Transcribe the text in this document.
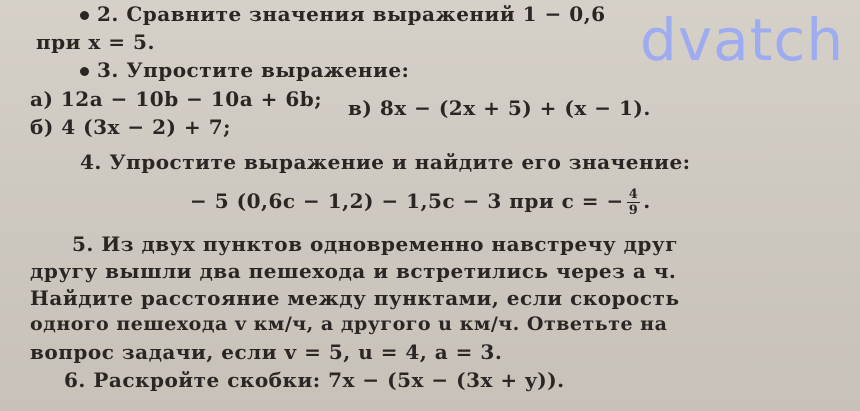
2. Сравните значения выражений 1 − 0,6
при x = 5.
3. Упростите выражение:
а) 12a − 10b − 10a + 6b; в) 8x − (2x + 5) + (x − 1).
б) 4 (3x − 2) + 7;
4. Упростите выражение и найдите его значение:
− 5 (0,6c − 1,2) − 1,5c − 3 при c = − $\frac{4}{9}$ .
5. Из двух пунктов одновременно навстречу друг
другу вышли два пешехода и встретились через a ч.
Найдите расстояние между пунктами, если скорость
одного пешехода v км/ч, а другого u км/ч. Ответьте на
вопрос задачи, если v = 5, u = 4, a = 3.
6. Раскройте скобки: 7x − (5x − (3x + y)).
dvatch
